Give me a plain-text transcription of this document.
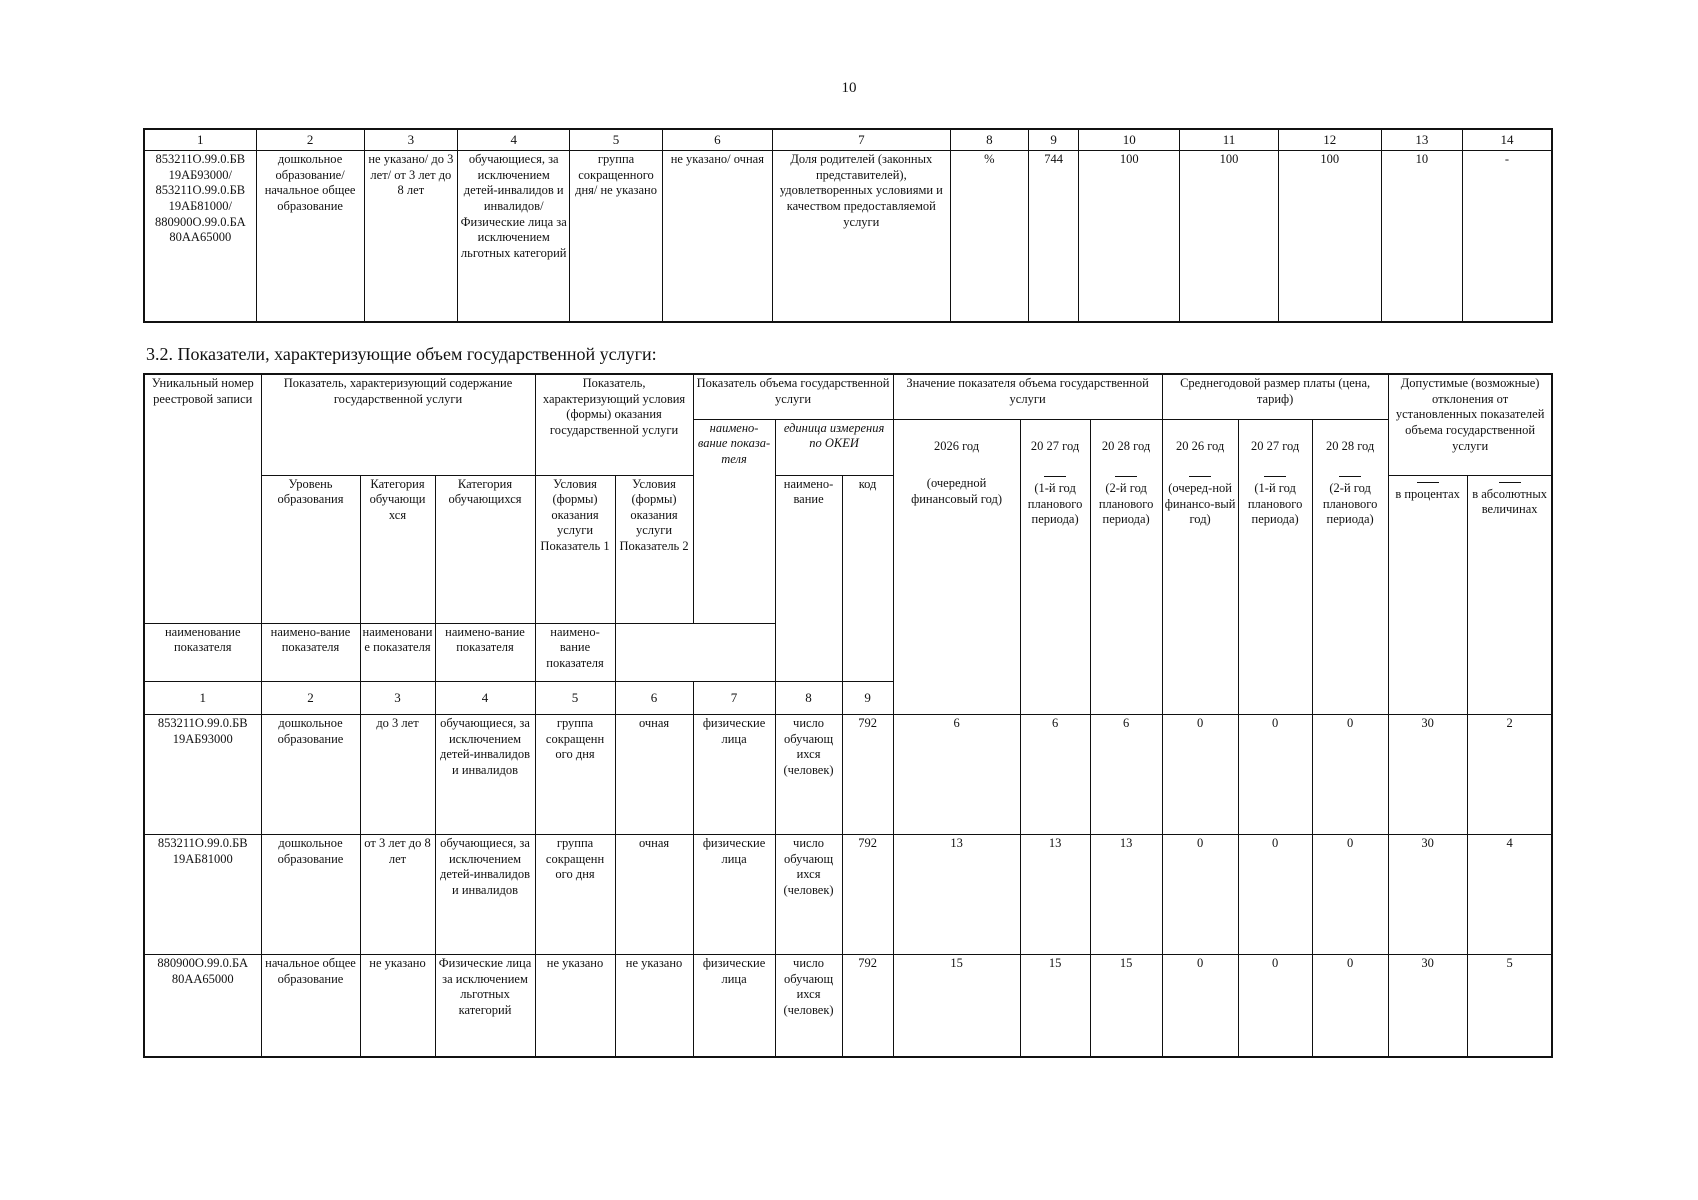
10
1	2	3	4	5	6	7	8	9	10	11	12	13	14
853211О.99.0.БВ 19АБ93000/ 853211О.99.0.БВ 19АБ81000/ 880900О.99.0.БА 80АА65000	дошкольное образование/ начальное общее образование	не указано/ до 3 лет/ от 3 лет до 8 лет	обучающиеся, за исключением детей-инвалидов и инвалидов/ Физические лица за исключением льготных категорий	группа сокращенного дня/ не указано	не указано/ очная	Доля родителей (законных представителей), удовлетворенных условиями и качеством предоставляемой услуги	%	744	100	100	100	10	-
3.2. Показатели, характеризующие объем государственной услуги:
Уникальный номер реестровой записи	Показатель, характеризующий содержание государственной услуги			Показатель, характеризующий условия (формы) оказания государственной услуги		Показатель объема государственной услуги			Значение показателя объема государственной услуги			Среднегодовой размер платы (цена, тариф)			Допустимые (возможные) отклонения от установленных показателей объема государственной услуги		
						наимено-вание показа-теля	единица измерения по ОКЕИ		2026 год	20 27 год	20 28 год	20 26 год	20 27 год	20 28 год			
	Уровень образования	Категория обучающи хся	Категория обучающихся	Условия (формы) оказания услуги Показатель 1	Условия (формы) оказания услуги Показатель 2		наимено-вание	код	(очередной финансовый год)	(1-й год планового периода)	(2-й год планового периода)	(очеред-ной финансо-вый год)	(1-й год планового периода)	(2-й год планового периода)	в процентах	в абсолютных величинах	

наименование показателя	наимено-вание показателя	наименование показателя	наимено-вание показателя	наимено-вание показателя													
1	2	3	4	5	6	7	8	9								
853211О.99.0.БВ 19АБ93000	дошкольное образование	до 3 лет	обучающиеся, за исключением детей-инвалидов и инвалидов	группа сокращенн ого дня	очная	физические лица	число обучающ ихся (человек)	792	6	6	6	0	0	0	30	2	
853211О.99.0.БВ 19АБ81000	дошкольное образование	от 3 лет до 8 лет	обучающиеся, за исключением детей-инвалидов и инвалидов	группа сокращенн ого дня	очная	физические лица	число обучающ ихся (человек)	792	13	13	13	0	0	0	30	4	
880900О.99.0.БА 80АА65000	начальное общее образование	не указано	Физические лица за исключением льготных категорий	не указано	не указано	физические лица	число обучающ ихся (человек)	792	15	15	15	0	0	0	30	5	
